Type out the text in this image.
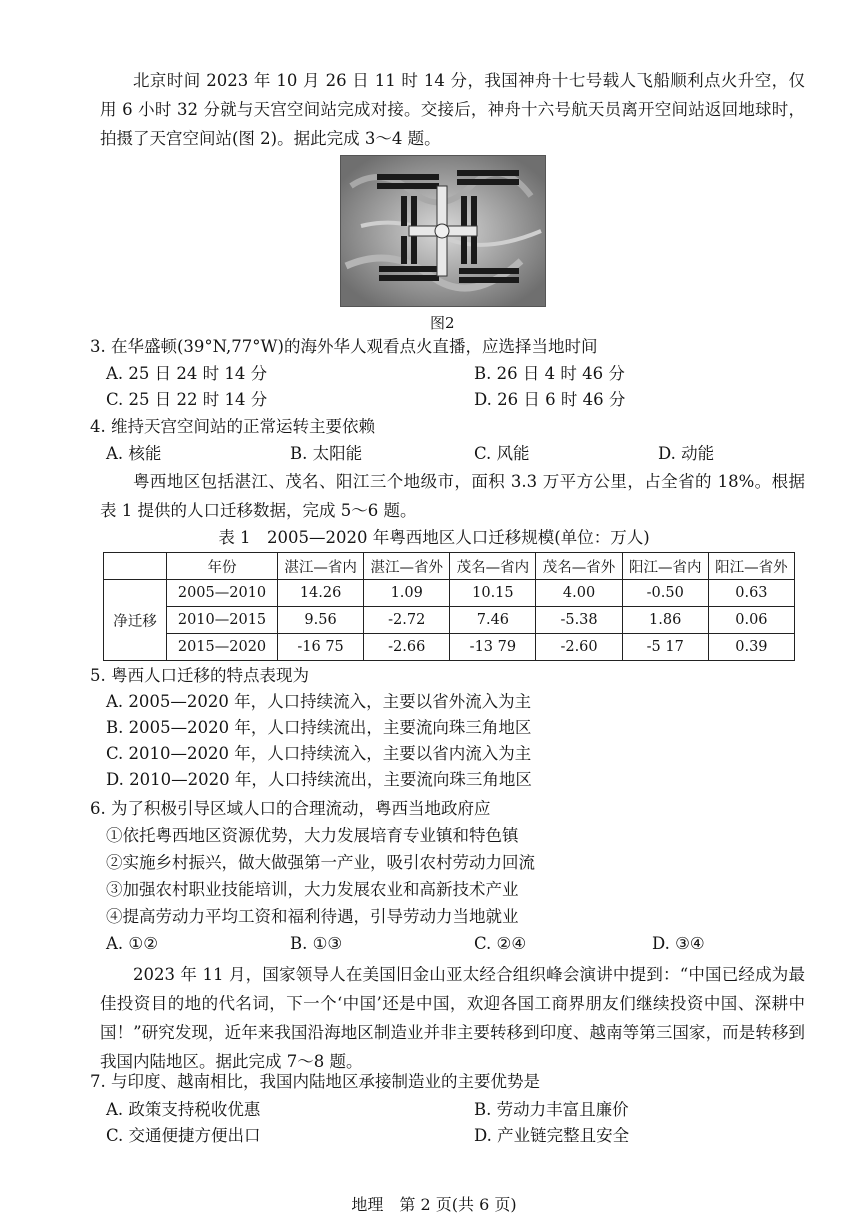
北京时间 2023 年 10 月 26 日 11 时 14 分，我国神舟十七号载人飞船顺利点火升空，仅用 6 小时 32 分就与天宫空间站完成对接。交接后，神舟十六号航天员离开空间站返回地球时，拍摄了天宫空间站(图 2)。据此完成 3～4 题。
图2
3. 在华盛顿(39°N,77°W)的海外华人观看点火直播，应选择当地时间
A. 25 日 24 时 14 分	B. 26 日 4 时 46 分
C. 25 日 22 时 14 分	D. 26 日 6 时 46 分
4. 维持天宫空间站的正常运转主要依赖
A. 核能	B. 太阳能	C. 风能	D. 动能
粤西地区包括湛江、茂名、阳江三个地级市，面积 3.3 万平方公里，占全省的 18%。根据表 1 提供的人口迁移数据，完成 5～6 题。
表 1　2005—2020 年粤西地区人口迁移规模(单位：万人)
	年份	湛江—省内	湛江—省外	茂名—省内	茂名—省外	阳江—省内	阳江—省外
净迁移	2005—2010	14.26	1.09	10.15	4.00	-0.50	0.63
	2010—2015	9.56	-2.72	7.46	-5.38	1.86	0.06
	2015—2020	-16 75	-2.66	-13 79	-2.60	-5 17	0.39
5. 粤西人口迁移的特点表现为
A. 2005—2020 年，人口持续流入，主要以省外流入为主
B. 2005—2020 年，人口持续流出，主要流向珠三角地区
C. 2010—2020 年，人口持续流入，主要以省内流入为主
D. 2010—2020 年，人口持续流出，主要流向珠三角地区
6. 为了积极引导区域人口的合理流动，粤西当地政府应
①依托粤西地区资源优势，大力发展培育专业镇和特色镇
②实施乡村振兴，做大做强第一产业，吸引农村劳动力回流
③加强农村职业技能培训，大力发展农业和高新技术产业
④提高劳动力平均工资和福利待遇，引导劳动力当地就业
A. ①②	B. ①③	C. ②④	D. ③④
2023 年 11 月，国家领导人在美国旧金山亚太经合组织峰会演讲中提到：“中国已经成为最佳投资目的地的代名词，下一个‘中国’还是中国，欢迎各国工商界朋友们继续投资中国、深耕中国！”研究发现，近年来我国沿海地区制造业并非主要转移到印度、越南等第三国家，而是转移到我国内陆地区。据此完成 7～8 题。
7. 与印度、越南相比，我国内陆地区承接制造业的主要优势是
A. 政策支持税收优惠	B. 劳动力丰富且廉价
C. 交通便捷方便出口	D. 产业链完整且安全
地理　第 2 页(共 6 页)
